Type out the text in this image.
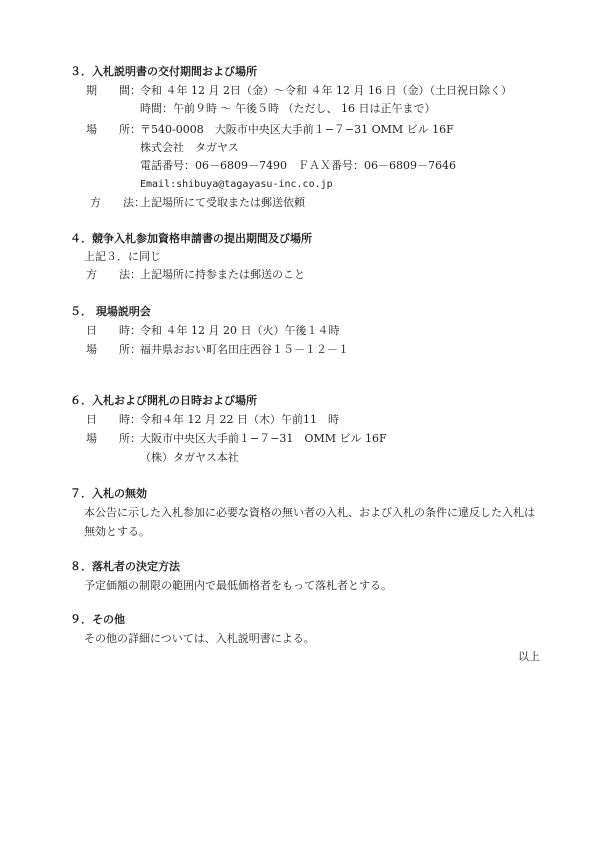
３．入札説明書の交付期間および場所
期　　間： 令和 ４年 12 月 2日（金）～令和 ４年 12 月 16 日（金）（土日祝日除く）
時間：午前９時 ～ 午後５時 （ただし、 16 日は正午まで）
場　　所： 〒540-0008　大阪市中央区大手前１−７−31 OMM ビル 16F
株式会社　タガヤス
電話番号：06－6809－7490　ＦＡＸ番号：06－6809－7646
Email:shibuya@tagayasu-inc.co.jp
方　　法：
上記場所にて受取または郵送依頼
４．競争入札参加資格申請書の提出期間及び場所
上記３．に同じ
方　　法： 上記場所に持参または郵送のこと
５． 現場説明会
日　　時： 令和 ４年 12 月 20 日（火）午後１４時
場　　所： 福井県おおい町名田庄西谷１５－１２－１
６．入札および開札の日時および場所
日　　時： 令和４年 12 月 22 日（木）午前11　時
場　　所： 大阪市中央区大手前１−７−31　OMM ビル 16F
（株）タガヤス本社
７．入札の無効
本公告に示した入札参加に必要な資格の無い者の入札、および入札の条件に違反した入札は
無効とする。
８．落札者の決定方法
予定価額の制限の範囲内で最低価格者をもって落札者とする。
９．その他
その他の詳細については、入札説明書による。
以上
